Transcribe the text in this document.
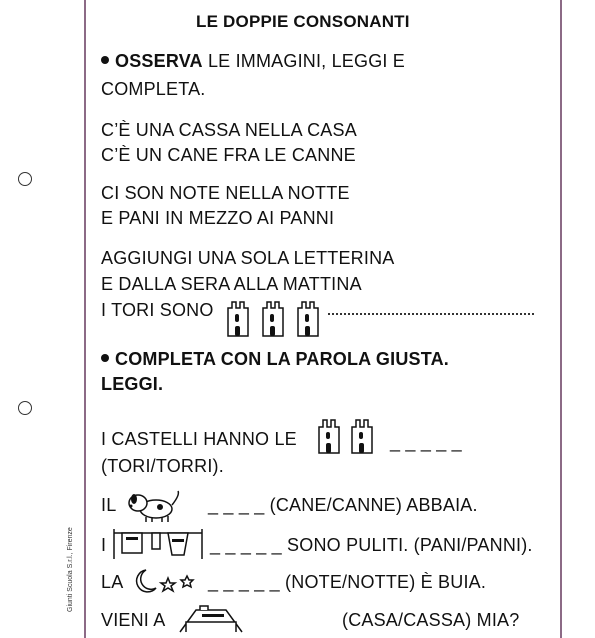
LE DOPPIE CONSONANTI
OSSERVA LE IMMAGINI, LEGGI E
COMPLETA.
C’È UNA CASSA NELLA CASA
C’È UN CANE FRA LE CANNE
CI SON NOTE NELLA NOTTE
E PANI IN MEZZO AI PANNI
AGGIUNGI UNA SOLA LETTERINA
E DALLA SERA ALLA MATTINA
I TORI SONO
COMPLETA CON LA PAROLA GIUSTA.
LEGGI.
I CASTELLI HANNO LE	_ _ _ _ _
(TORI/TORRI).
IL	_ _ _ _ (CANE/CANNE) ABBAIA.
I	_ _ _ _ _ SONO PULITI. (PANI/PANNI).
LA	_ _ _ _ _ (NOTE/NOTTE) È BUIA.
VIENI A	(CASA/CASSA) MIA?
Giunti Scuola S.r.l., Firenze
